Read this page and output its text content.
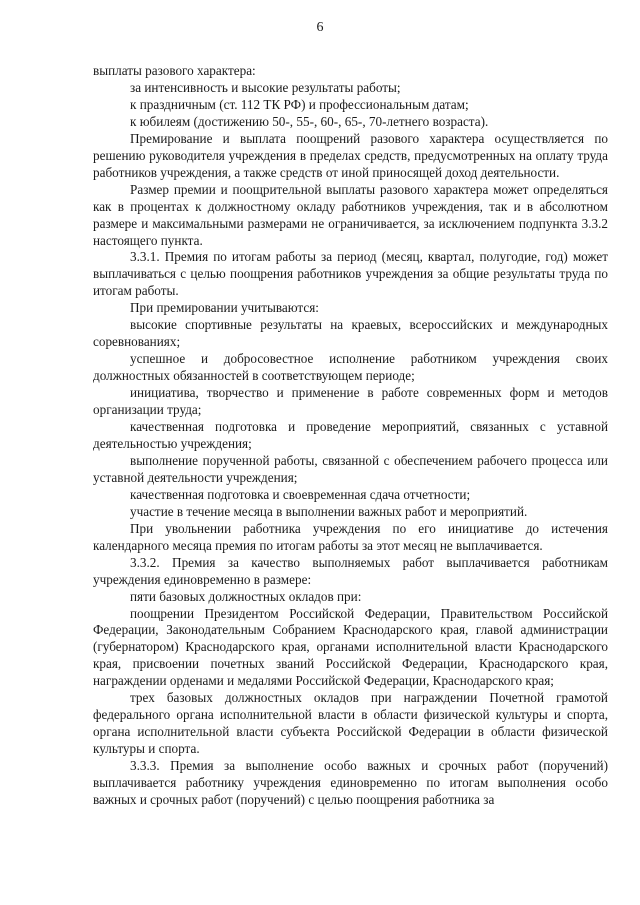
6

выплаты разового характера:

за интенсивность и высокие результаты работы;

к праздничным (ст. 112 ТК РФ) и профессиональным датам;

к юбилеям (достижению 50-, 55-, 60-, 65-, 70-летнего возраста).

Премирование и выплата поощрений разового характера осуществляется по решению руководителя учреждения в пределах средств, предусмотренных на оплату труда работников учреждения, а также средств от иной приносящей доход деятельности.

Размер премии и поощрительной выплаты разового характера может определяться как в процентах к должностному окладу работников учреждения, так и в абсолютном размере и максимальными размерами не ограничивается, за исключением подпункта 3.3.2 настоящего пункта.

3.3.1. Премия по итогам работы за период (месяц, квартал, полугодие, год) может выплачиваться с целью поощрения работников учреждения за общие результаты труда по итогам работы.

При премировании учитываются:

высокие спортивные результаты на краевых, всероссийских и международных соревнованиях;

успешное и добросовестное исполнение работником учреждения своих должностных обязанностей в соответствующем периоде;

инициатива, творчество и применение в работе современных форм и методов организации труда;

качественная подготовка и проведение мероприятий, связанных с уставной деятельностью учреждения;

выполнение порученной работы, связанной с обеспечением рабочего процесса или уставной деятельности учреждения;

качественная подготовка и своевременная сдача отчетности;

участие в течение месяца в выполнении важных работ и мероприятий.

При увольнении работника учреждения по его инициативе до истечения календарного месяца премия по итогам работы за этот месяц не выплачивается.

3.3.2. Премия за качество выполняемых работ выплачивается работникам учреждения единовременно в размере:

пяти базовых должностных окладов при:

поощрении Президентом Российской Федерации, Правительством Российской Федерации, Законодательным Собранием Краснодарского края, главой администрации (губернатором) Краснодарского края, органами исполнительной власти Краснодарского края, присвоении почетных званий Российской Федерации, Краснодарского края, награждении орденами и медалями Российской Федерации, Краснодарского края;

трех базовых должностных окладов при награждении Почетной грамотой федерального органа исполнительной власти в области физической культуры и спорта, органа исполнительной власти субъекта Российской Федерации в области физической культуры и спорта.

3.3.3. Премия за выполнение особо важных и срочных работ (поручений) выплачивается работнику учреждения единовременно по итогам выполнения особо важных и срочных работ (поручений) с целью поощрения работника за
